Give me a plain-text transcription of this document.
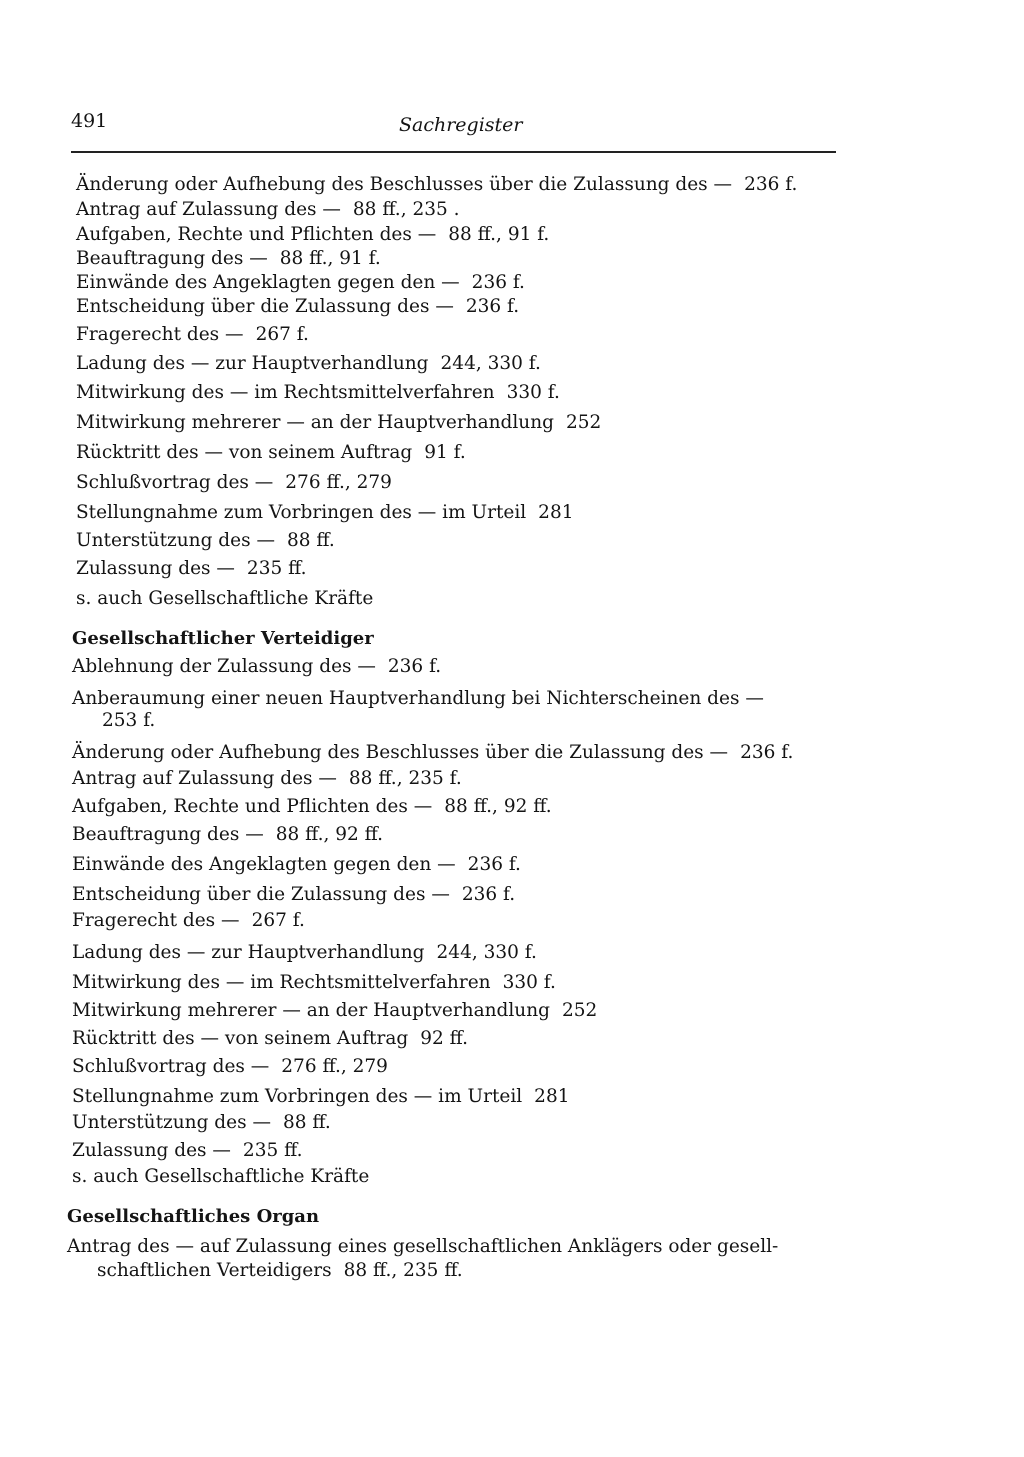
491	Sachregister
Änderung oder Aufhebung des Beschlusses über die Zulassung des — 236 f.
Antrag auf Zulassung des — 88 ff., 235 .
Aufgaben, Rechte und Pflichten des — 88 ff., 91 f.
Beauftragung des — 88 ff., 91 f.
Einwände des Angeklagten gegen den — 236 f.
Entscheidung über die Zulassung des — 236 f.
Fragerecht des — 267 f.
Ladung des — zur Hauptverhandlung 244, 330 f.
Mitwirkung des — im Rechtsmittelverfahren 330 f.
Mitwirkung mehrerer — an der Hauptverhandlung 252
Rücktritt des — von seinem Auftrag 91 f.
Schlußvortrag des — 276 ff., 279
Stellungnahme zum Vorbringen des — im Urteil 281
Unterstützung des — 88 ff.
Zulassung des — 235 ff.
s. auch Gesellschaftliche Kräfte
Gesellschaftlicher Verteidiger
Ablehnung der Zulassung des — 236 f.
Anberaumung einer neuen Hauptverhandlung bei Nichterscheinen des —
253 f.
Änderung oder Aufhebung des Beschlusses über die Zulassung des — 236 f.
Antrag auf Zulassung des — 88 ff., 235 f.
Aufgaben, Rechte und Pflichten des — 88 ff., 92 ff.
Beauftragung des — 88 ff., 92 ff.
Einwände des Angeklagten gegen den — 236 f.
Entscheidung über die Zulassung des — 236 f.
Fragerecht des — 267 f.
Ladung des — zur Hauptverhandlung 244, 330 f.
Mitwirkung des — im Rechtsmittelverfahren 330 f.
Mitwirkung mehrerer — an der Hauptverhandlung 252
Rücktritt des — von seinem Auftrag 92 ff.
Schlußvortrag des — 276 ff., 279
Stellungnahme zum Vorbringen des — im Urteil 281
Unterstützung des — 88 ff.
Zulassung des — 235 ff.
s. auch Gesellschaftliche Kräfte
Gesellschaftliches Organ
Antrag des — auf Zulassung eines gesellschaftlichen Anklägers oder gesell-
schaftlichen Verteidigers 88 ff., 235 ff.
